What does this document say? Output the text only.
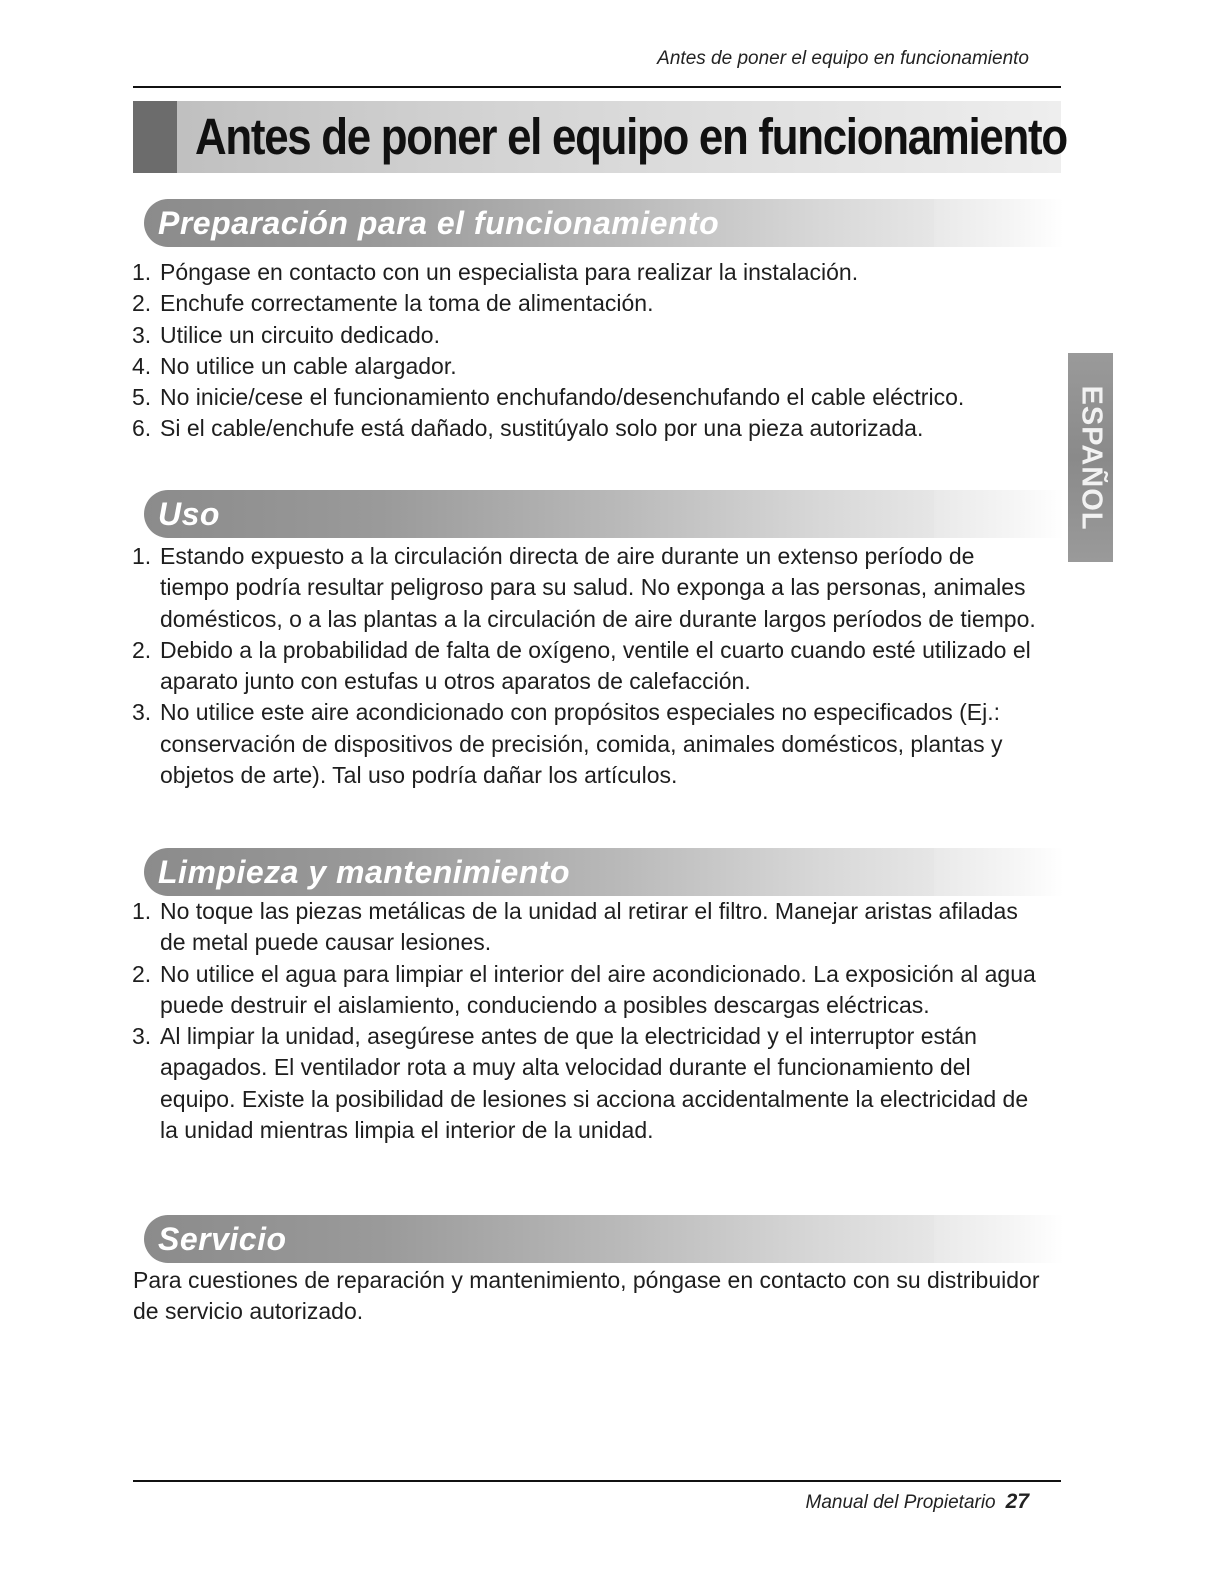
Antes de poner el equipo en funcionamiento
Antes de poner el equipo en funcionamiento
Preparación para el funcionamiento
1. Póngase en contacto con un especialista para realizar la instalación.
2. Enchufe correctamente la toma de alimentación.
3. Utilice un circuito dedicado.
4. No utilice un cable alargador.
5. No inicie/cese el funcionamiento enchufando/desenchufando el cable eléctrico.
6. Si el cable/enchufe está dañado, sustitúyalo solo por una pieza autorizada.
Uso
1. Estando expuesto a la circulación directa de aire durante un extenso período de tiempo podría resultar peligroso para su salud. No exponga a las personas, animales domésticos, o a las plantas a la circulación de aire durante largos períodos de tiempo.
2. Debido a la probabilidad de falta de oxígeno, ventile el cuarto cuando esté utilizado el aparato junto con estufas u otros aparatos de calefacción.
3. No utilice este aire acondicionado con propósitos especiales no especificados (Ej.: conservación de dispositivos de precisión, comida, animales domésticos, plantas y objetos de arte). Tal uso podría dañar los artículos.
Limpieza y mantenimiento
1. No toque las piezas metálicas de la unidad al retirar el filtro. Manejar aristas afiladas de metal puede causar lesiones.
2. No utilice el agua para limpiar el interior del aire acondicionado. La exposición al agua puede destruir el aislamiento, conduciendo a posibles descargas eléctricas.
3. Al limpiar la unidad, asegúrese antes de que la electricidad y el interruptor están apagados. El ventilador rota a muy alta velocidad durante el funcionamiento del equipo. Existe la posibilidad de lesiones si acciona accidentalmente la electricidad de la unidad mientras limpia el interior de la unidad.
Servicio

Para cuestiones de reparación y mantenimiento, póngase en contacto con su distribuidor de servicio autorizado.

ESPAÑOL
Manual del Propietario 27
